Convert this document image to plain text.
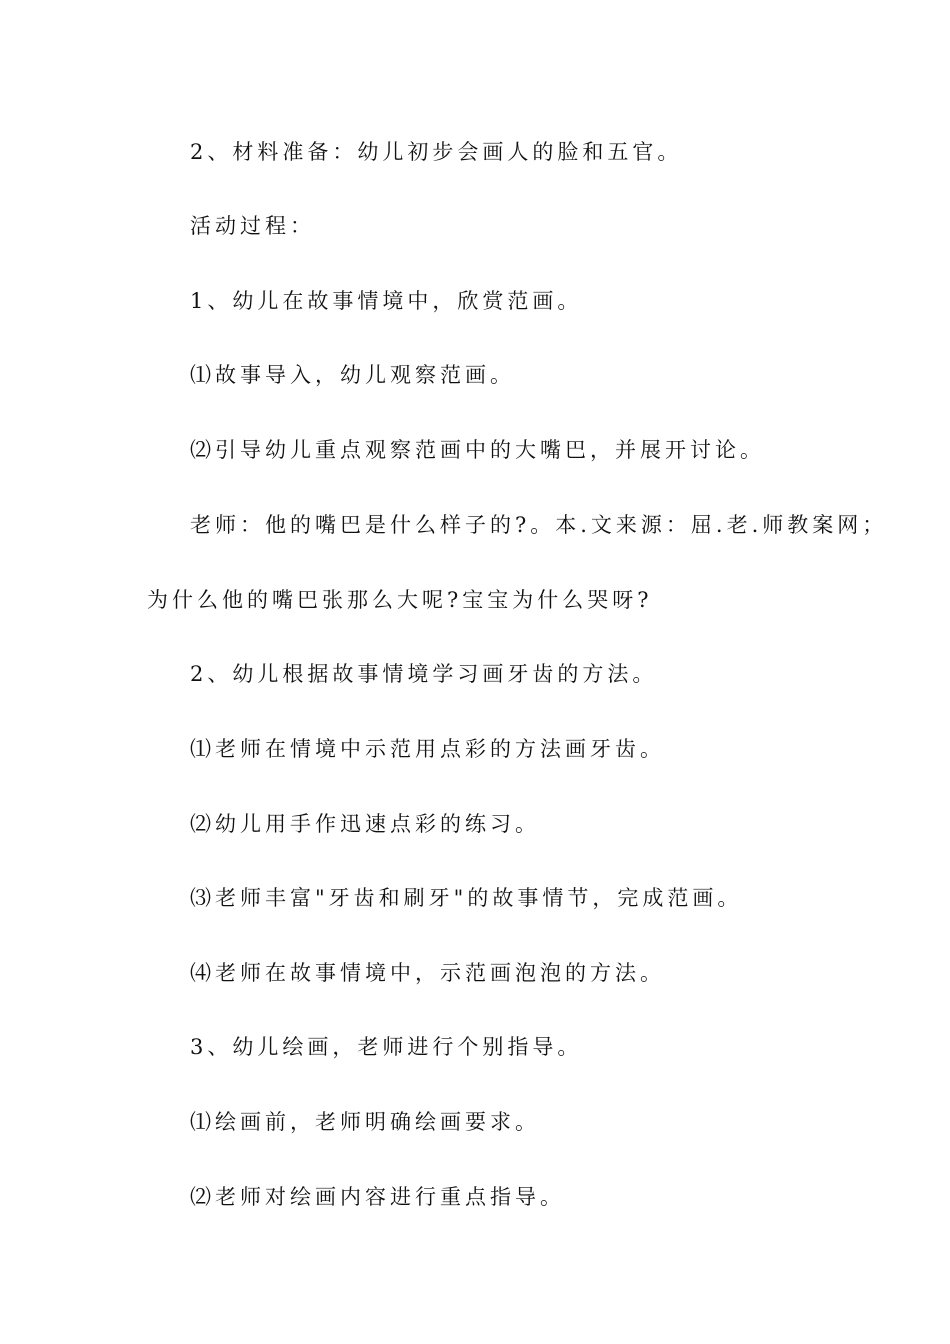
2、材料准备：幼儿初步会画人的脸和五官。
活动过程：
1、幼儿在故事情境中，欣赏范画。
⑴故事导入，幼儿观察范画。
⑵引导幼儿重点观察范画中的大嘴巴，并展开讨论。
老师：他的嘴巴是什么样子的?。本.文来源：屈.老.师教案网；
为什么他的嘴巴张那么大呢?宝宝为什么哭呀?
2、幼儿根据故事情境学习画牙齿的方法。
⑴老师在情境中示范用点彩的方法画牙齿。
⑵幼儿用手作迅速点彩的练习。
⑶老师丰富"牙齿和刷牙"的故事情节，完成范画。
⑷老师在故事情境中，示范画泡泡的方法。
3、幼儿绘画，老师进行个别指导。
⑴绘画前，老师明确绘画要求。
⑵老师对绘画内容进行重点指导。
